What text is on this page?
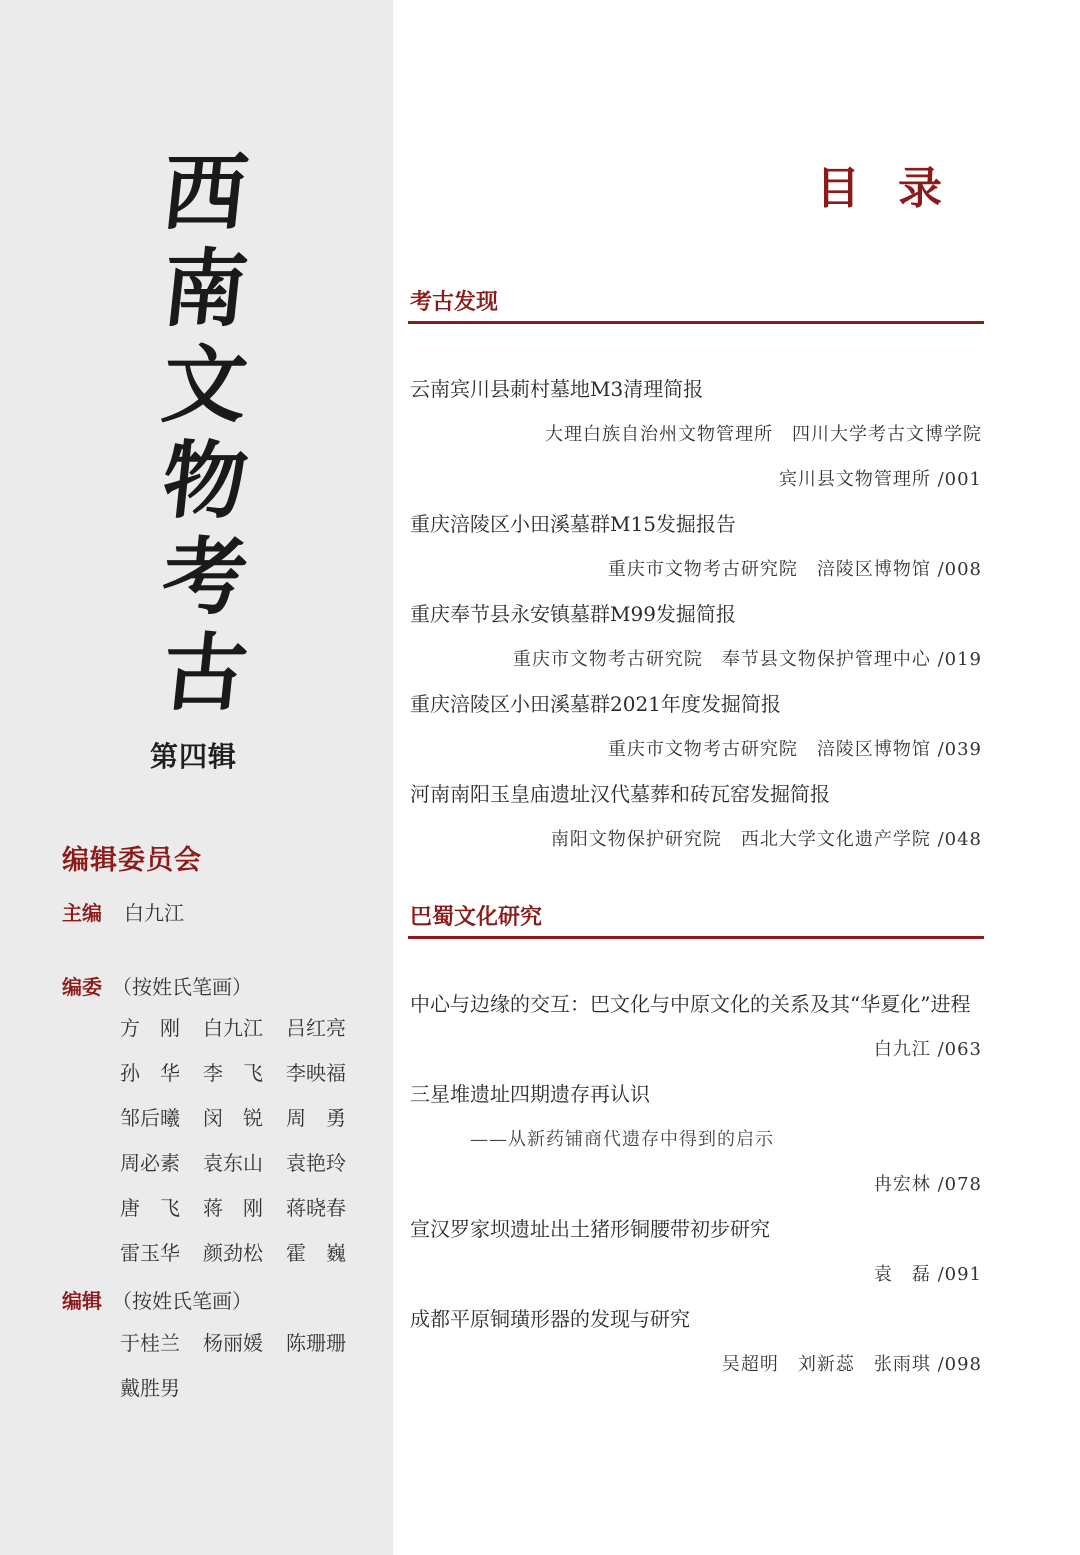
西
南
文
物
考
古
第四辑
编辑委员会
主编 白九江
编委 （按姓氏笔画）
方　刚	白九江	吕红亮
孙　华	李　飞	李映福
邹后曦	闵　锐	周　勇
周必素	袁东山	袁艳玲
唐　飞	蒋　刚	蒋晓春
雷玉华	颜劲松	霍　巍
编辑 （按姓氏笔画）
于桂兰	杨丽媛	陈珊珊
戴胜男
目录
考古发现
云南宾川县莿村墓地M3清理简报
大理白族自治州文物管理所　四川大学考古文博学院
宾川县文物管理所 /001
重庆涪陵区小田溪墓群M15发掘报告
重庆市文物考古研究院　涪陵区博物馆 /008
重庆奉节县永安镇墓群M99发掘简报
重庆市文物考古研究院　奉节县文物保护管理中心 /019
重庆涪陵区小田溪墓群2021年度发掘简报
重庆市文物考古研究院　涪陵区博物馆 /039
河南南阳玉皇庙遗址汉代墓葬和砖瓦窑发掘简报
南阳文物保护研究院　西北大学文化遗产学院 /048
巴蜀文化研究
中心与边缘的交互：巴文化与中原文化的关系及其“华夏化”进程
白九江 /063
三星堆遗址四期遗存再认识
——从新药铺商代遗存中得到的启示
冉宏林 /078
宣汉罗家坝遗址出土猪形铜腰带初步研究
袁　磊 /091
成都平原铜璜形器的发现与研究
吴超明　刘新蕊　张雨琪 /098
